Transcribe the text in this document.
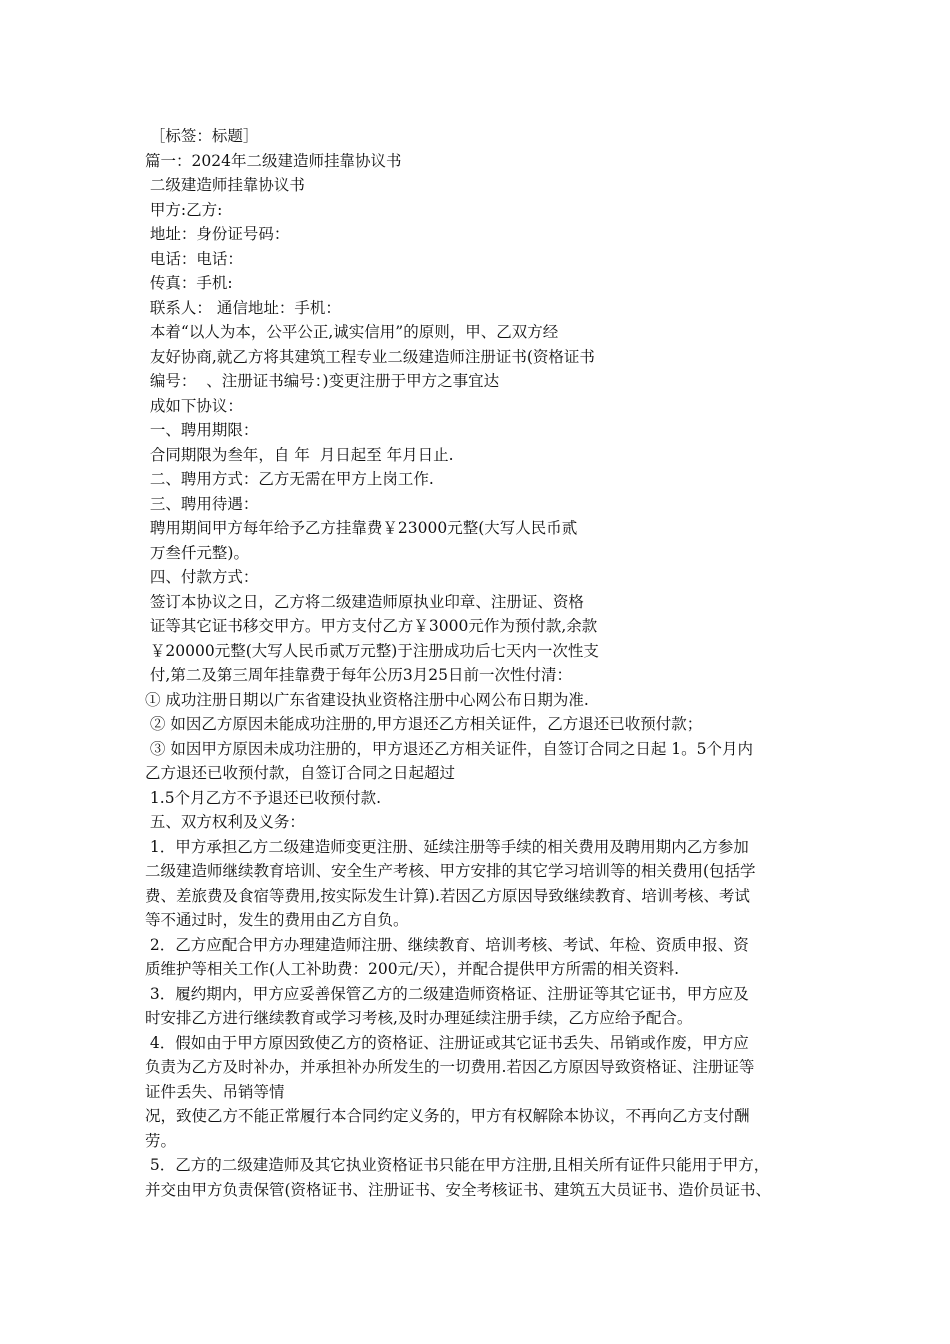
［标签：标题］

篇一：2024年二级建造师挂靠协议书

二级建造师挂靠协议书

甲方:乙方:

地址：身份证号码：

电话：电话：

传真：手机:

联系人： 通信地址：手机：

本着“以人为本，公平公正,诚实信用”的原则，甲、乙双方经

友好协商,就乙方将其建筑工程专业二级建造师注册证书(资格证书

编号：  、注册证书编号：)变更注册于甲方之事宜达

成如下协议：

一、聘用期限：

合同期限为叁年，自 年  月日起至 年月日止.

二、聘用方式：乙方无需在甲方上岗工作.

三、聘用待遇：

聘用期间甲方每年给予乙方挂靠费￥23000元整(大写人民币贰

万叁仟元整)。

四、付款方式：

签订本协议之日，乙方将二级建造师原执业印章、注册证、资格

证等其它证书移交甲方。甲方支付乙方￥3000元作为预付款,余款

￥20000元整(大写人民币贰万元整)于注册成功后七天内一次性支

付,第二及第三周年挂靠费于每年公历3月25日前一次性付清：

① 成功注册日期以广东省建设执业资格注册中心网公布日期为准.

② 如因乙方原因未能成功注册的,甲方退还乙方相关证件，乙方退还已收预付款；

③ 如因甲方原因未成功注册的，甲方退还乙方相关证件，自签订合同之日起 1。5个月内

乙方退还已收预付款，自签订合同之日起超过

1.5个月乙方不予退还已收预付款.

五、双方权利及义务：

1．甲方承担乙方二级建造师变更注册、延续注册等手续的相关费用及聘用期内乙方参加

二级建造师继续教育培训、安全生产考核、甲方安排的其它学习培训等的相关费用(包括学

费、差旅费及食宿等费用,按实际发生计算).若因乙方原因导致继续教育、培训考核、考试

等不通过时，发生的费用由乙方自负。

2．乙方应配合甲方办理建造师注册、继续教育、培训考核、考试、年检、资质申报、资

质维护等相关工作(人工补助费：200元/天），并配合提供甲方所需的相关资料.

3．履约期内，甲方应妥善保管乙方的二级建造师资格证、注册证等其它证书，甲方应及

时安排乙方进行继续教育或学习考核,及时办理延续注册手续，乙方应给予配合。

4．假如由于甲方原因致使乙方的资格证、注册证或其它证书丢失、吊销或作废，甲方应

负责为乙方及时补办，并承担补办所发生的一切费用.若因乙方原因导致资格证、注册证等

证件丢失、吊销等情

况，致使乙方不能正常履行本合同约定义务的，甲方有权解除本协议，不再向乙方支付酬

劳。

5．乙方的二级建造师及其它执业资格证书只能在甲方注册,且相关所有证件只能用于甲方，

并交由甲方负责保管(资格证书、注册证书、安全考核证书、建筑五大员证书、造价员证书、
